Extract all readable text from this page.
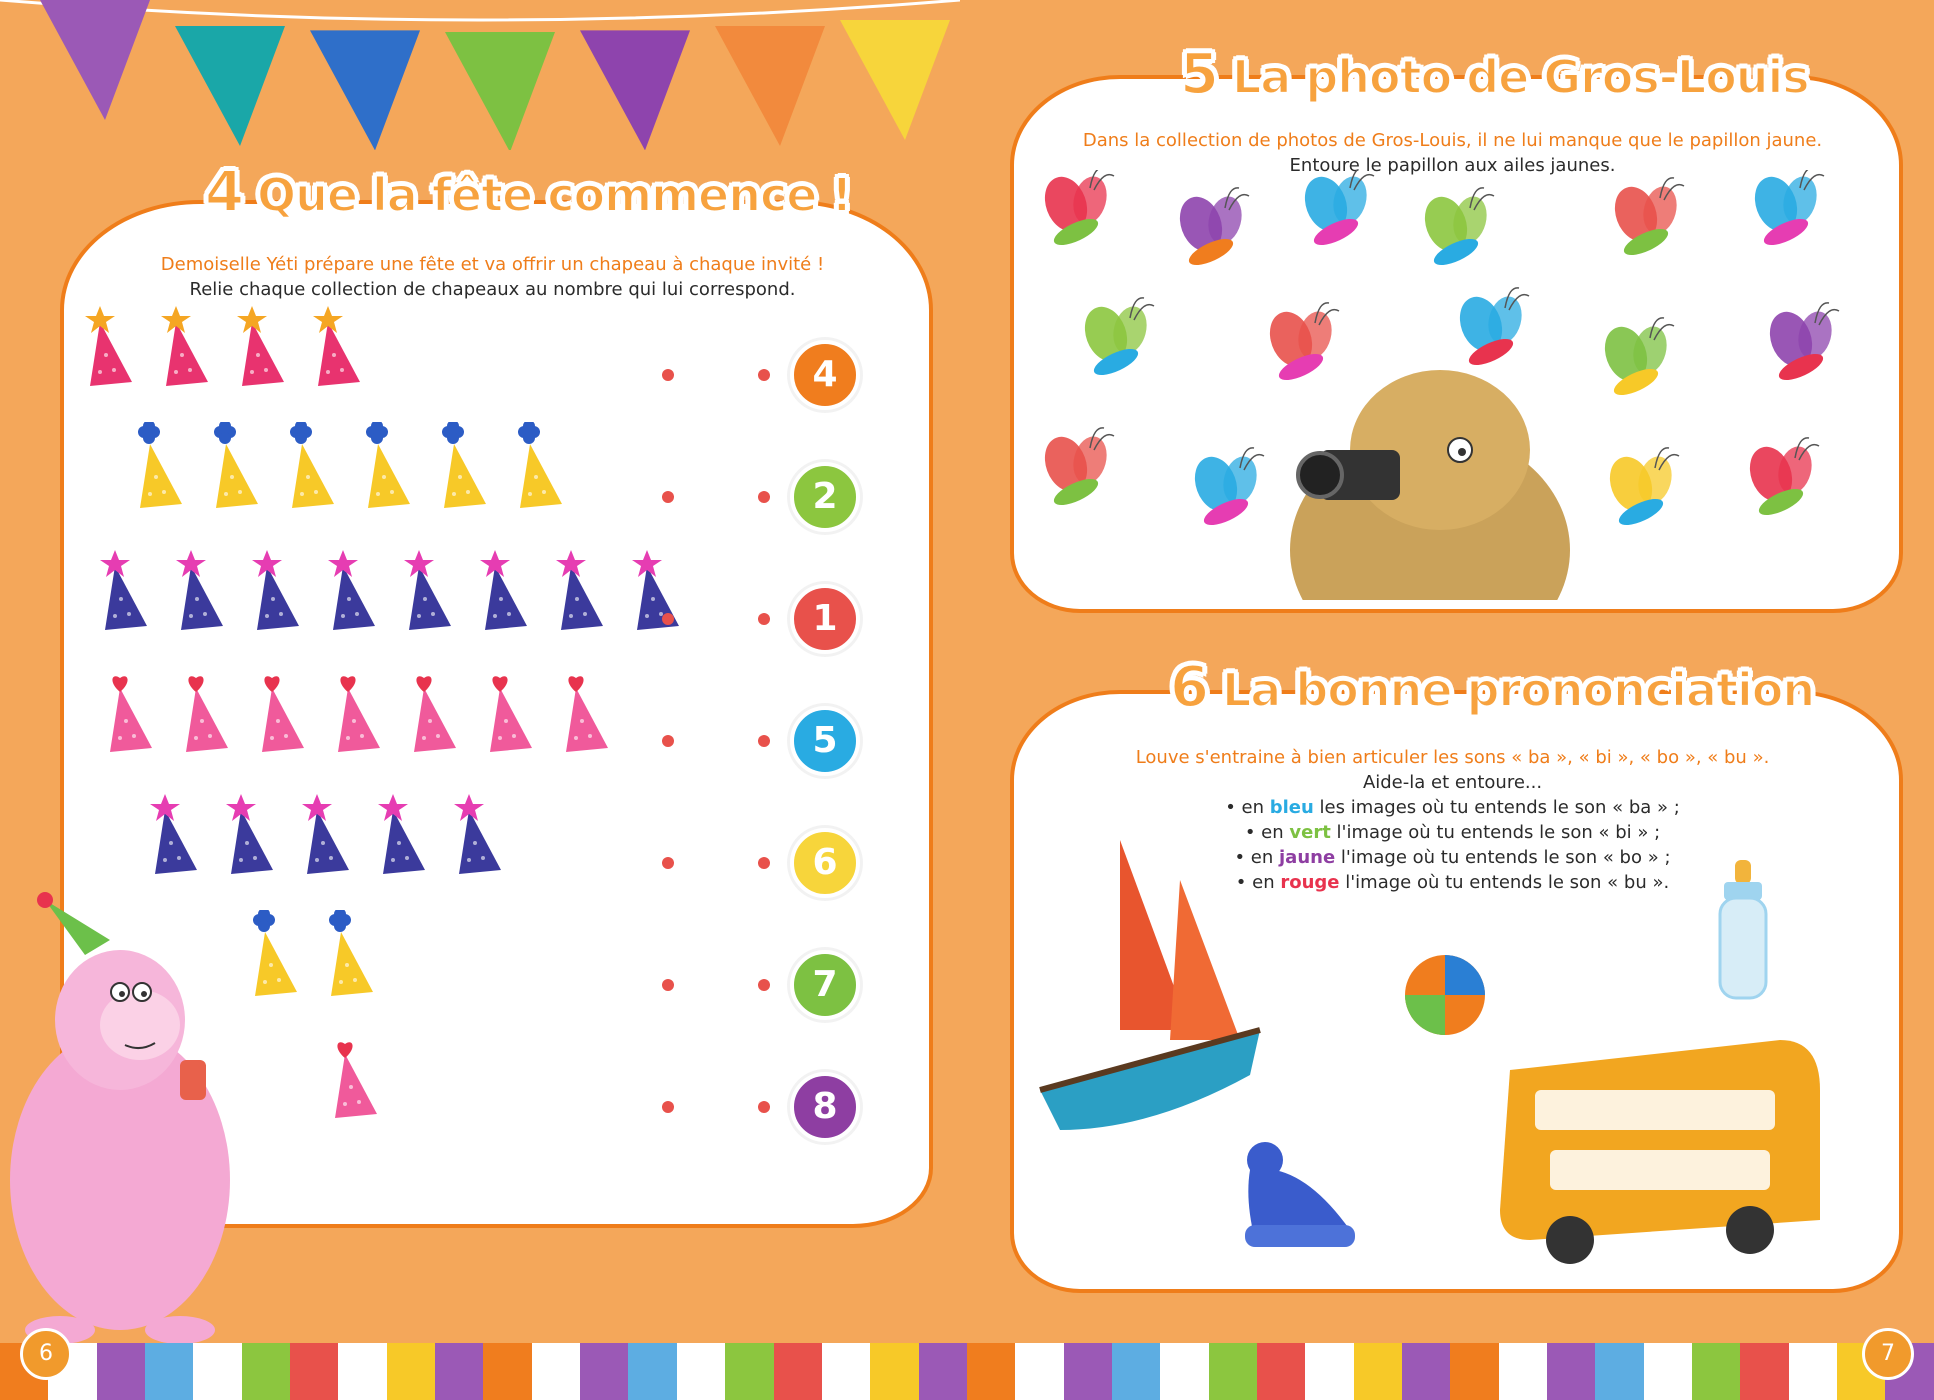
4 Que la fête commence !
Demoiselle Yéti prépare une fête et va offrir un chapeau à chaque invité !
Relie chaque collection de chapeaux au nombre qui lui correspond.
4
2
1
5
6
7
8
5 La photo de Gros-Louis
Dans la collection de photos de Gros-Louis, il ne lui manque que le papillon jaune.
Entoure le papillon aux ailes jaunes.
6 La bonne prononciation
Louve s'entraine à bien articuler les sons « ba », « bi », « bo », « bu ».
Aide-la et entoure...
• en bleu les images où tu entends le son « ba » ;
• en vert l'image où tu entends le son « bi » ;
• en jaune l'image où tu entends le son « bo » ;
• en rouge l'image où tu entends le son « bu ».
6	7
